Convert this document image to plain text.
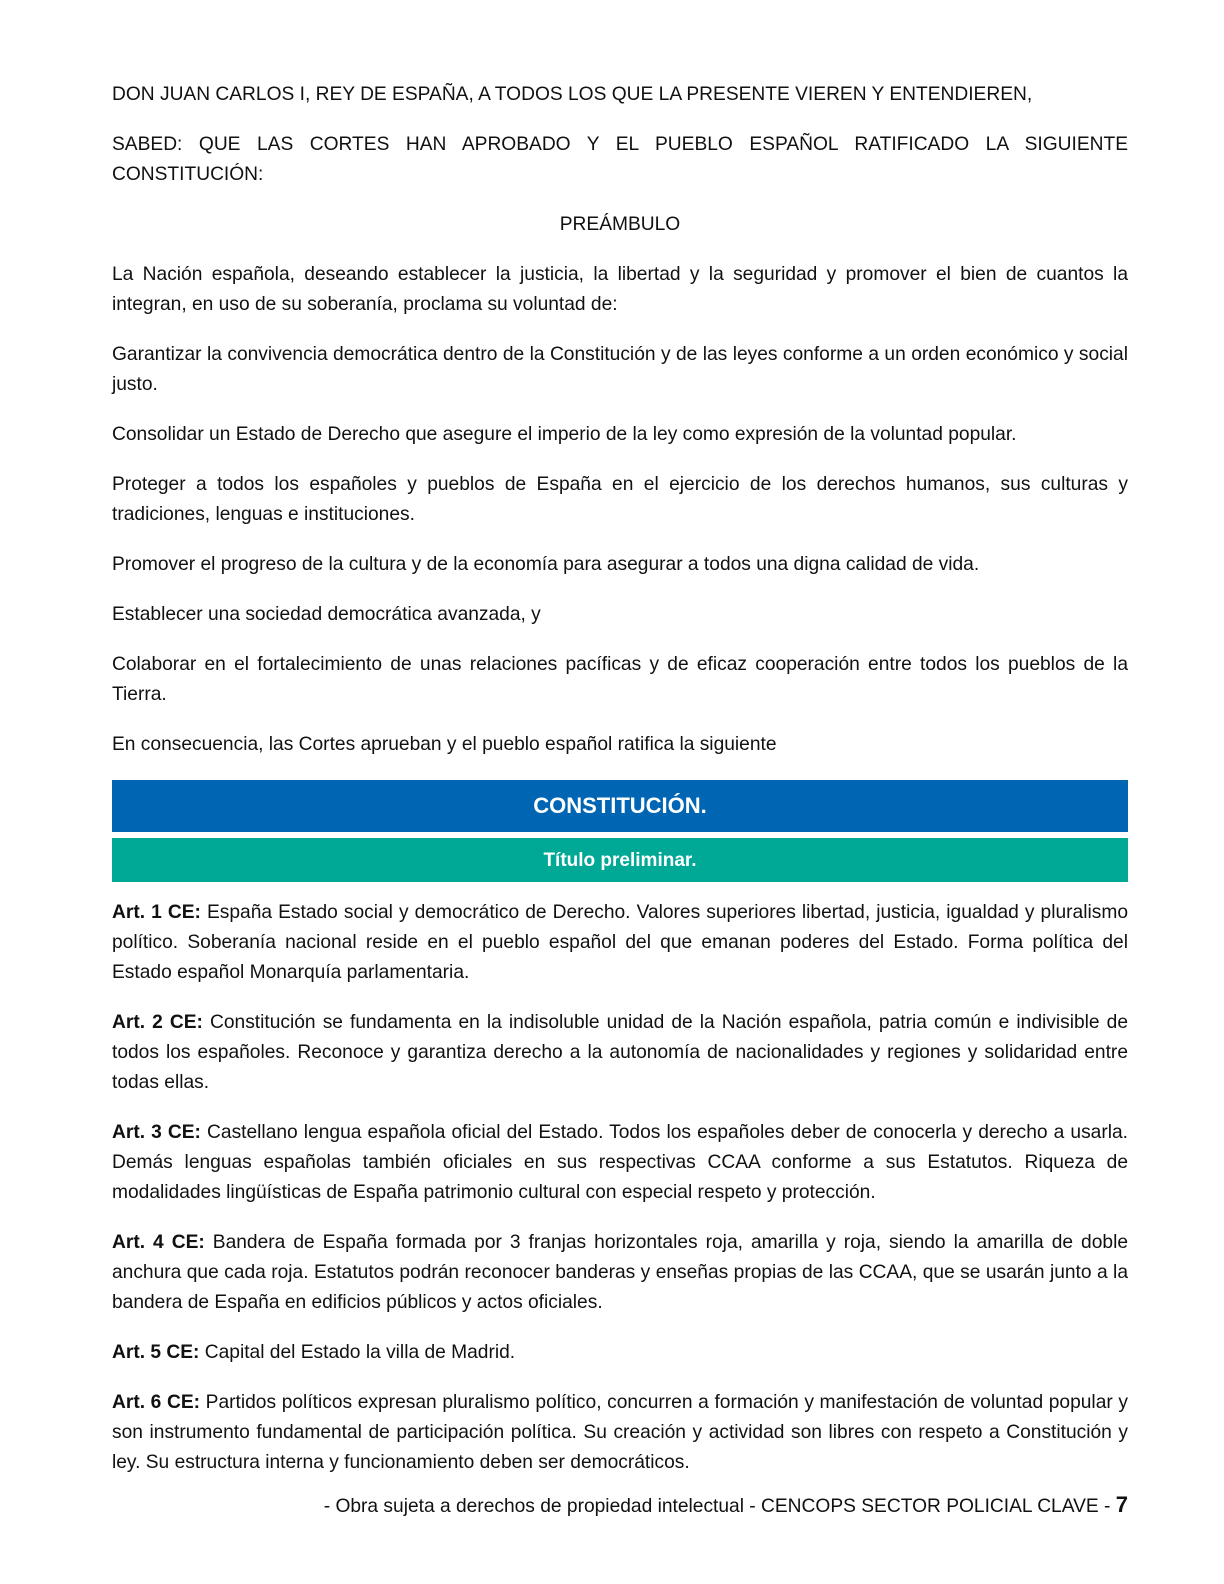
DON JUAN CARLOS I, REY DE ESPAÑA, A TODOS LOS QUE LA PRESENTE VIEREN Y ENTENDIEREN,

SABED: QUE LAS CORTES HAN APROBADO Y EL PUEBLO ESPAÑOL RATIFICADO LA SIGUIENTE CONSTITUCIÓN:

PREÁMBULO

La Nación española, deseando establecer la justicia, la libertad y la seguridad y promover el bien de cuantos la integran, en uso de su soberanía, proclama su voluntad de:

Garantizar la convivencia democrática dentro de la Constitución y de las leyes conforme a un orden económico y social justo.

Consolidar un Estado de Derecho que asegure el imperio de la ley como expresión de la voluntad popular.

Proteger a todos los españoles y pueblos de España en el ejercicio de los derechos humanos, sus culturas y tradiciones, lenguas e instituciones.

Promover el progreso de la cultura y de la economía para asegurar a todos una digna calidad de vida.

Establecer una sociedad democrática avanzada, y

Colaborar en el fortalecimiento de unas relaciones pacíficas y de eficaz cooperación entre todos los pueblos de la Tierra.

En consecuencia, las Cortes aprueban y el pueblo español ratifica la siguiente

CONSTITUCIÓN.
Título preliminar.

Art. 1 CE: España Estado social y democrático de Derecho. Valores superiores libertad, justicia, igualdad y pluralismo político. Soberanía nacional reside en el pueblo español del que emanan poderes del Estado. Forma política del Estado español Monarquía parlamentaria.

Art. 2 CE: Constitución se fundamenta en la indisoluble unidad de la Nación española, patria común e indivisible de todos los españoles. Reconoce y garantiza derecho a la autonomía de nacionalidades y regiones y solidaridad entre todas ellas.

Art. 3 CE: Castellano lengua española oficial del Estado. Todos los españoles deber de conocerla y derecho a usarla. Demás lenguas españolas también oficiales en sus respectivas CCAA conforme a sus Estatutos. Riqueza de modalidades lingüísticas de España patrimonio cultural con especial respeto y protección.

Art. 4 CE: Bandera de España formada por 3 franjas horizontales roja, amarilla y roja, siendo la amarilla de doble anchura que cada roja. Estatutos podrán reconocer banderas y enseñas propias de las CCAA, que se usarán junto a la bandera de España en edificios públicos y actos oficiales.

Art. 5 CE: Capital del Estado la villa de Madrid.

Art. 6 CE: Partidos políticos expresan pluralismo político, concurren a formación y manifestación de voluntad popular y son instrumento fundamental de participación política. Su creación y actividad son libres con respeto a Constitución y ley. Su estructura interna y funcionamiento deben ser democráticos.

- Obra sujeta a derechos de propiedad intelectual - CENCOPS SECTOR POLICIAL CLAVE - 7
